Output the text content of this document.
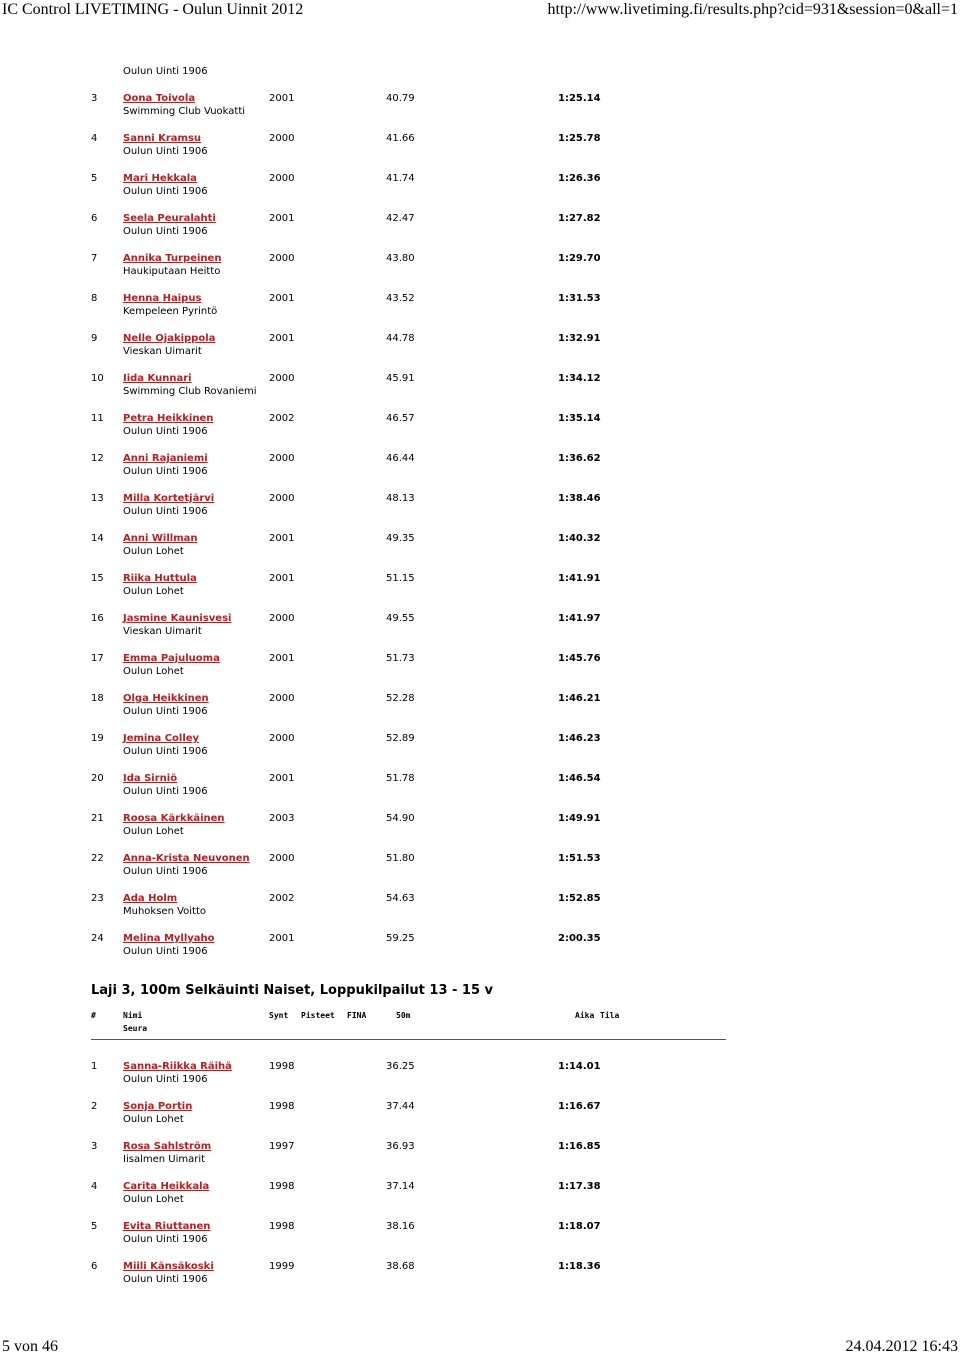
IC Control LIVETIMING - Oulun Uinnit 2012	http://www.livetiming.fi/results.php?cid=931&session=0&all=1
Oulun Uinti 1906
3	Oona Toivola
Swimming Club Vuokatti
2001	40.79	1:25.14
4	Sanni Kramsu
Oulun Uinti 1906
2000	41.66	1:25.78
5	Mari Hekkala
Oulun Uinti 1906
2000	41.74	1:26.36
6	Seela Peuralahti
Oulun Uinti 1906
2001	42.47	1:27.82
7	Annika Turpeinen
Haukiputaan Heitto
2000	43.80	1:29.70
8	Henna Haipus
Kempeleen Pyrintö
2001	43.52	1:31.53
9	Nelle Ojakippola
Vieskan Uimarit
2001	44.78	1:32.91
10 Iida Kunnari
Swimming Club Rovaniemi
2000	45.91	1:34.12
11 Petra Heikkinen
Oulun Uinti 1906
2002	46.57	1:35.14
12 Anni Rajaniemi
Oulun Uinti 1906
2000	46.44	1:36.62
13 Milla Kortetjärvi
Oulun Uinti 1906
2000	48.13	1:38.46
14 Anni Willman
Oulun Lohet
2001	49.35	1:40.32
15 Riika Huttula
Oulun Lohet
2001	51.15	1:41.91
16 Jasmine Kaunisvesi
Vieskan Uimarit
2000	49.55	1:41.97
17 Emma Pajuluoma
Oulun Lohet
2001	51.73	1:45.76
18 Olga Heikkinen
Oulun Uinti 1906
2000	52.28	1:46.21
19 Jemina Colley
Oulun Uinti 1906
2000	52.89	1:46.23
20 Ida Sirniö
Oulun Uinti 1906
2001	51.78	1:46.54
21 Roosa Kärkkäinen
Oulun Lohet
2003	54.90	1:49.91
22 Anna-Krista Neuvonen
Oulun Uinti 1906
2000	51.80	1:51.53
23 Ada Holm
Muhoksen Voitto
2002	54.63	1:52.85
24 Melina Myllyaho
Oulun Uinti 1906
2001	59.25	2:00.35
Laji 3, 100m Selkäuinti Naiset, Loppukilpailut 13 - 15 v
#	Nimi	Synt Pisteet FINA	50m	Aika Tila
Seura
1	Sanna-Riikka Räihä
Oulun Uinti 1906
1998	36.25	1:14.01
2	Sonja Portin
Oulun Lohet
1998	37.44	1:16.67
3	Rosa Sahlström
Iisalmen Uimarit
1997	36.93	1:16.85
4	Carita Heikkala
Oulun Lohet
1998	37.14	1:17.38
5	Evita Riuttanen
Oulun Uinti 1906
1998	38.16	1:18.07
6	Miili Känsäkoski
Oulun Uinti 1906
1999	38.68	1:18.36
5 von 46	24.04.2012 16:43
